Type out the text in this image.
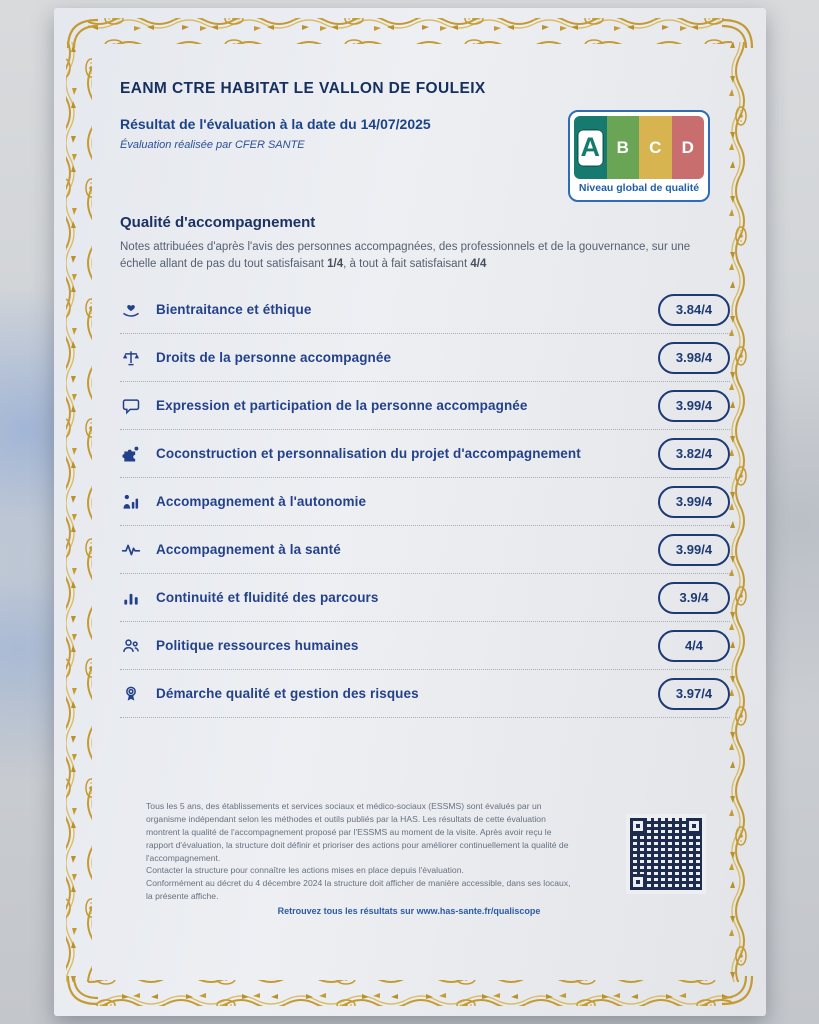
EANM CTRE HABITAT LE VALLON DE FOULEIX

Résultat de l'évaluation à la date du 14/07/2025

Évaluation réalisée par CFER SANTE	A B	C	D
Niveau global de qualité
Qualité d'accompagnement

Notes attribuées d'après l'avis des personnes accompagnées, des professionnels et de la gouvernance, sur une échelle allant de pas du tout satisfaisant 1/4, à tout à fait satisfaisant 4/4

Bientraitance et éthique	3.84/4
Droits de la personne accompagnée	3.98/4
Expression et participation de la personne accompagnée	3.99/4
Coconstruction et personnalisation du projet d'accompagnement	3.82/4
Accompagnement à l'autonomie	3.99/4
Accompagnement à la santé	3.99/4
Continuité et fluidité des parcours	3.9/4
Politique ressources humaines	4/4
Démarche qualité et gestion des risques	3.97/4

Tous les 5 ans, des établissements et services sociaux et médico-sociaux (ESSMS) sont évalués par un organisme indépendant selon les méthodes et outils publiés par la HAS. Les résultats de cette évaluation montrent la qualité de l'accompagnement proposé par l'ESSMS au moment de la visite. Après avoir reçu le rapport d'évaluation, la structure doit définir et prioriser des actions pour améliorer continuellement la qualité de l'accompagnement.

Contacter la structure pour connaître les actions mises en place depuis l'évaluation.

Conformément au décret du 4 décembre 2024 la structure doit afficher de manière accessible, dans ses locaux, la présente affiche.

Retrouvez tous les résultats sur www.has-sante.fr/qualiscope
